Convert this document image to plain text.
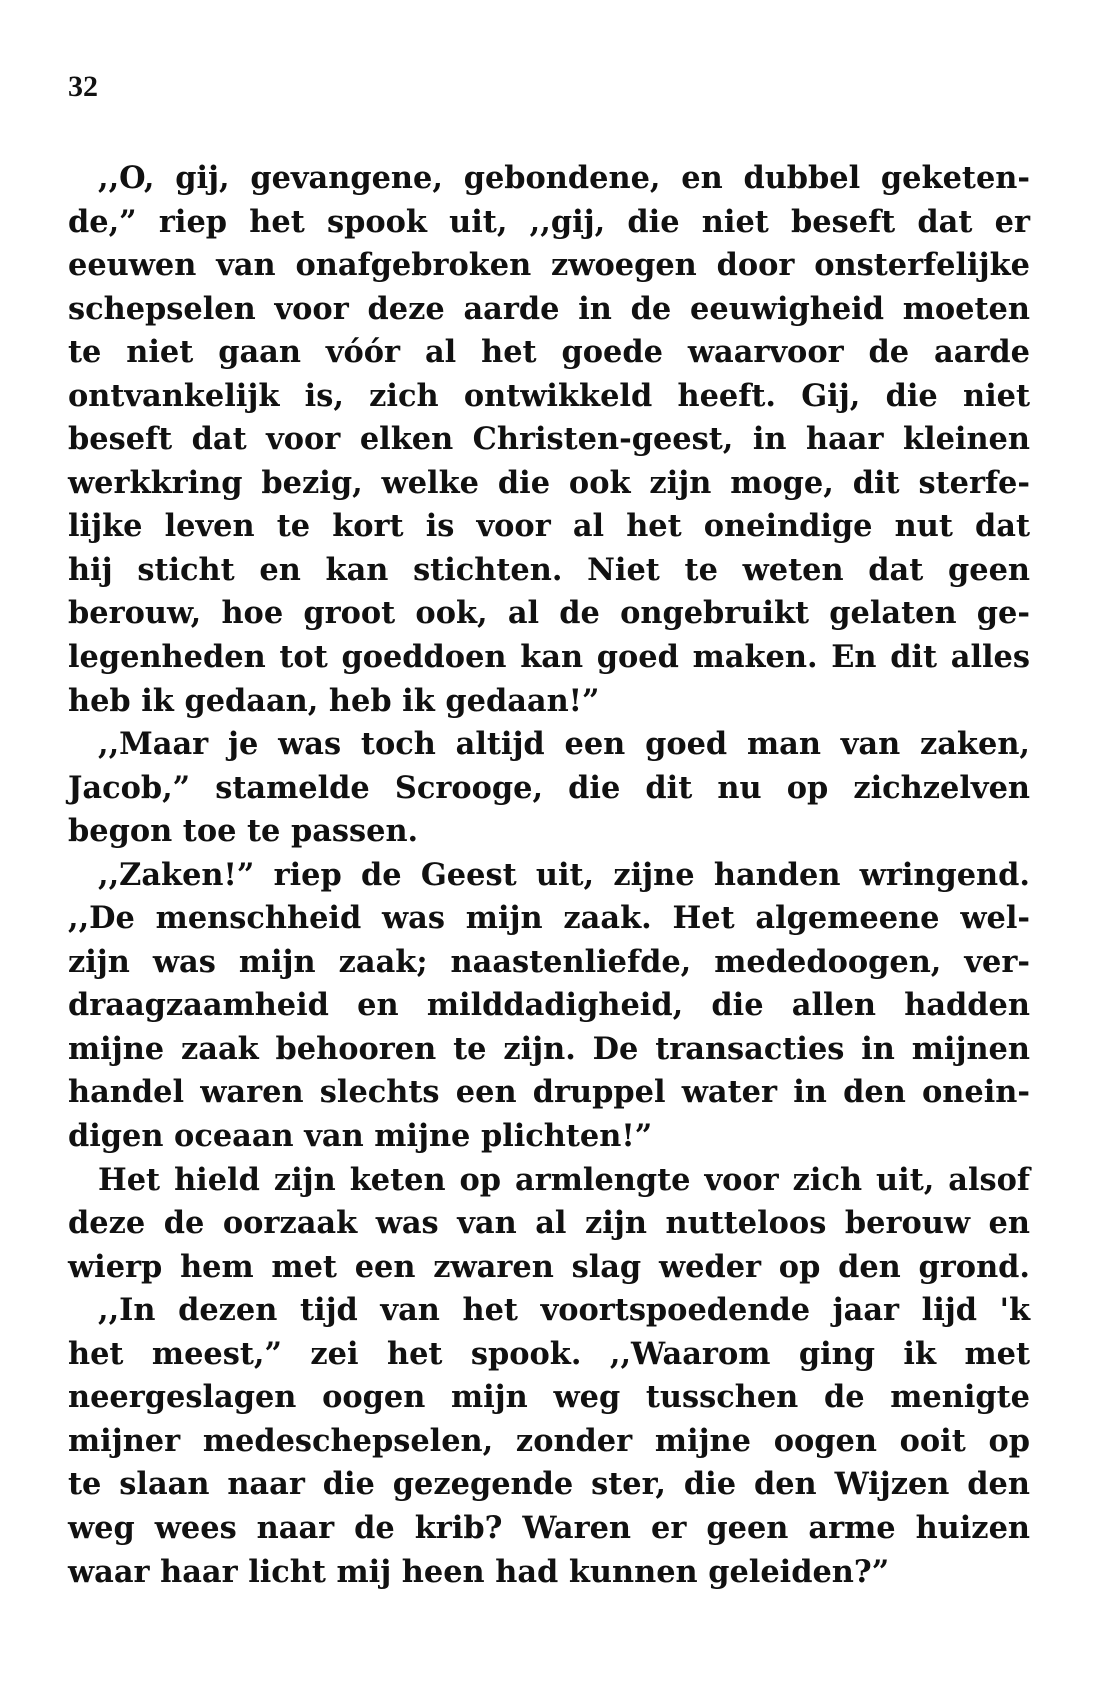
32
,,O, gij, gevangene, gebondene, en dubbel geketen-
de,” riep het spook uit, ,,gij, die niet beseft dat er
eeuwen van onafgebroken zwoegen door onsterfelijke
schepselen voor deze aarde in de eeuwigheid moeten
te niet gaan vóór al het goede waarvoor de aarde
ontvankelijk is, zich ontwikkeld heeft. Gij, die niet
beseft dat voor elken Christen-geest, in haar kleinen
werkkring bezig, welke die ook zijn moge, dit sterfe-
lijke leven te kort is voor al het oneindige nut dat
hij sticht en kan stichten. Niet te weten dat geen
berouw, hoe groot ook, al de ongebruikt gelaten ge-
legenheden tot goeddoen kan goed maken. En dit alles
heb ik gedaan, heb ik gedaan!”
,,Maar je was toch altijd een goed man van zaken,
Jacob,” stamelde Scrooge, die dit nu op zichzelven
begon toe te passen.
,,Zaken!” riep de Geest uit, zijne handen wringend.
,,De menschheid was mijn zaak. Het algemeene wel-
zijn was mijn zaak; naastenliefde, mededoogen, ver-
draagzaamheid en milddadigheid, die allen hadden
mijne zaak behooren te zijn. De transacties in mijnen
handel waren slechts een druppel water in den onein-
digen oceaan van mijne plichten!”
Het hield zijn keten op armlengte voor zich uit, alsof
deze de oorzaak was van al zijn nutteloos berouw en
wierp hem met een zwaren slag weder op den grond.
,,In dezen tijd van het voortspoedende jaar lijd 'k
het meest,” zei het spook. ,,Waarom ging ik met
neergeslagen oogen mijn weg tusschen de menigte
mijner medeschepselen, zonder mijne oogen ooit op
te slaan naar die gezegende ster, die den Wijzen den
weg wees naar de krib? Waren er geen arme huizen
waar haar licht mij heen had kunnen geleiden?”
